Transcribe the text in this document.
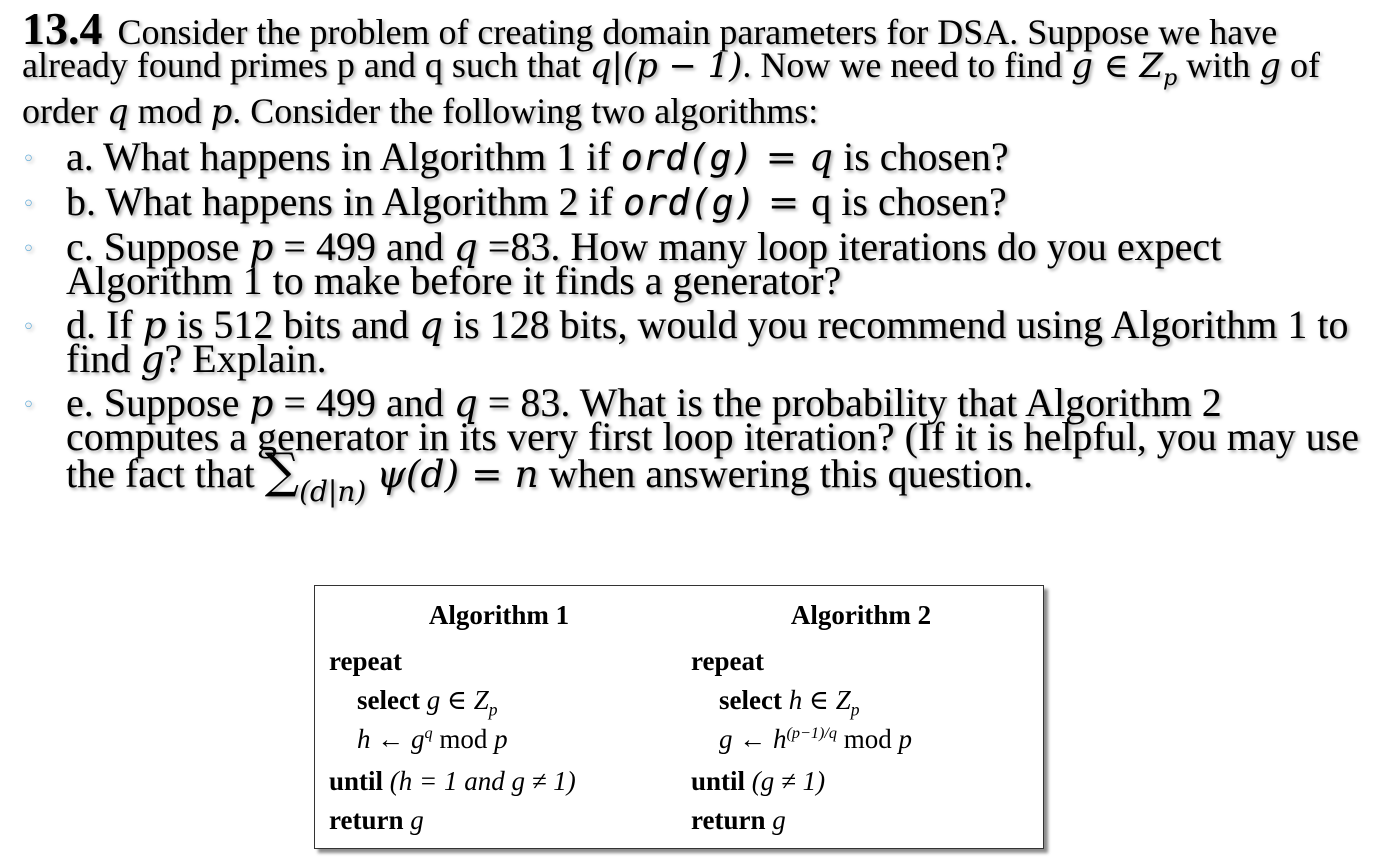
13.4 Consider the problem of creating domain parameters for DSA. Suppose we have already found primes p and q such that q|(p − 1). Now we need to find g ∈ $Z_p$ with g of order q mod p. Consider the following two algorithms:
◦ a. What happens in Algorithm 1 if ord(g) = q is chosen?
◦ b. What happens in Algorithm 2 if ord(g) = q is chosen?
◦ c. Suppose p = 499 and q =83. How many loop iterations do you expect Algorithm 1 to make before it finds a generator?
◦ d. If p is 512 bits and q is 128 bits, would you recommend using Algorithm 1 to find g? Explain.
◦ e. Suppose p = 499 and q = 83. What is the probability that Algorithm 2 computes a generator in its very first loop iteration? (If it is helpful, you may use the fact that $\sum_{(d|n)}$ ψ(d) = n when answering this question.
Algorithm 1
repeat
select g ∈ $Z_p$
h ← $g^q$ mod p
until (h = 1 and g ≠ 1)
return g
Algorithm 2
repeat
select h ∈ $Z_p$
g ← $h^{(p-1)/q}$ mod p
until (g ≠ 1)
return g
